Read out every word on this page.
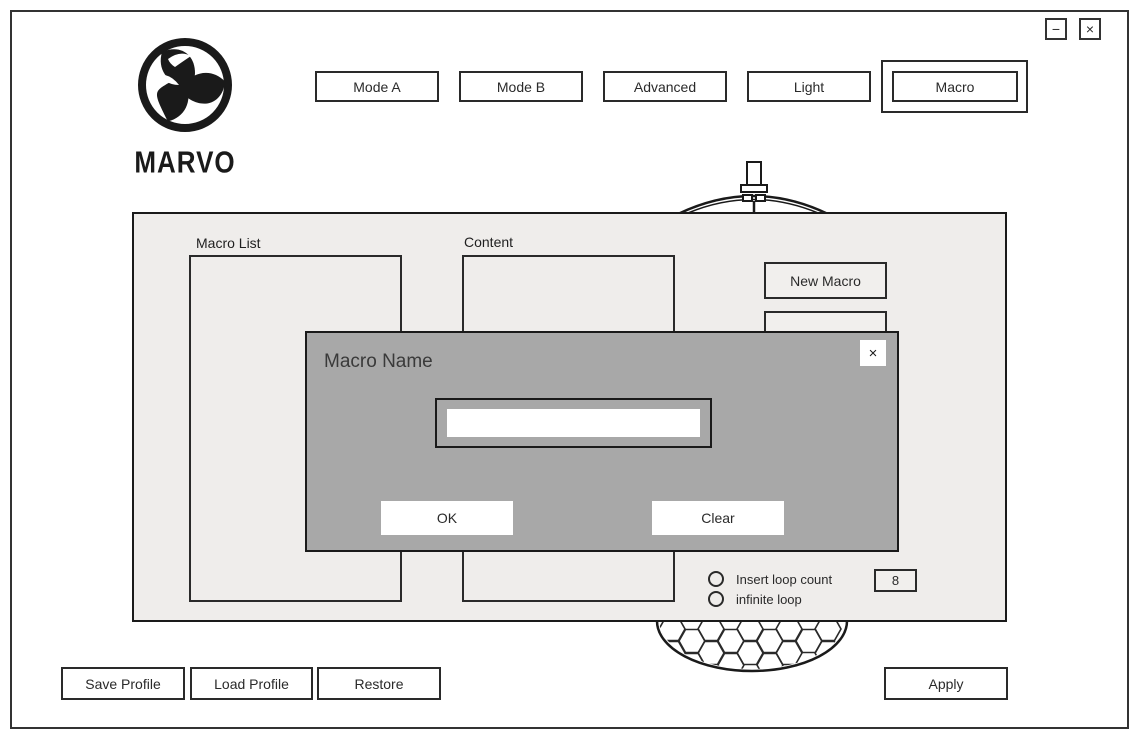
− ×
MARVO
Mode A	Mode B	Advanced	Light	Macro
Macro List	Content
New Macro
Insert loop count	8
infinite loop
Macro Name	×
OK	Clear
Save Profile	Load Profile	Restore	Apply
